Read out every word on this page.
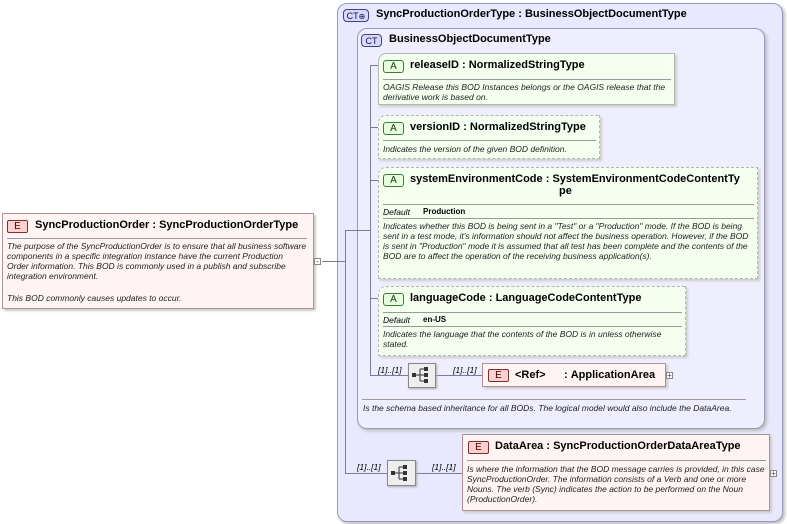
CT⊕ SyncProductionOrderType : BusinessObjectDocumentType
CT	BusinessObjectDocumentType
Is the schema based inheritance for all BODs. The logical model would also include the DataArea.
E	SyncProductionOrder : SyncProductionOrderType
The purpose of the SyncProductionOrder is to ensure that all business software components in a specific integration instance have the current Production Order information. This BOD is commonly used in a publish and subscribe integration environment.
This BOD commonly causes updates to occur.
-
A	releaseID : NormalizedStringType
OAGIS Release this BOD Instances belongs or the OAGIS release that the derivative work is based on.
A	versionID : NormalizedStringType
Indicates the version of the given BOD definition.
A	systemEnvironmentCode : SystemEnvironmentCodeContentTy
pe
Default Production
Indicates whether this BOD is being sent in a "Test" or a "Production" mode. If the BOD is being sent in a test mode, it's information should not affect the business operation. However, if the BOD is sent in "Production" mode it is assumed that all test has been complete and the contents of the BOD are to affect the operation of the receiving business application(s).
A	languageCode : LanguageCodeContentType
Default en-US
Indicates the language that the contents of the BOD is in unless otherwise stated.
[1]..[1]	[1]..[1]	E	<Ref> : ApplicationArea +
[1]..[1]	[1]..[1]
E	DataArea : SyncProductionOrderDataAreaType
Is where the information that the BOD message carries is provided, in this case SyncProductionOrder. The information consists of a Verb and one or more Nouns. The verb (Sync) indicates the action to be performed on the Noun (ProductionOrder).
+
